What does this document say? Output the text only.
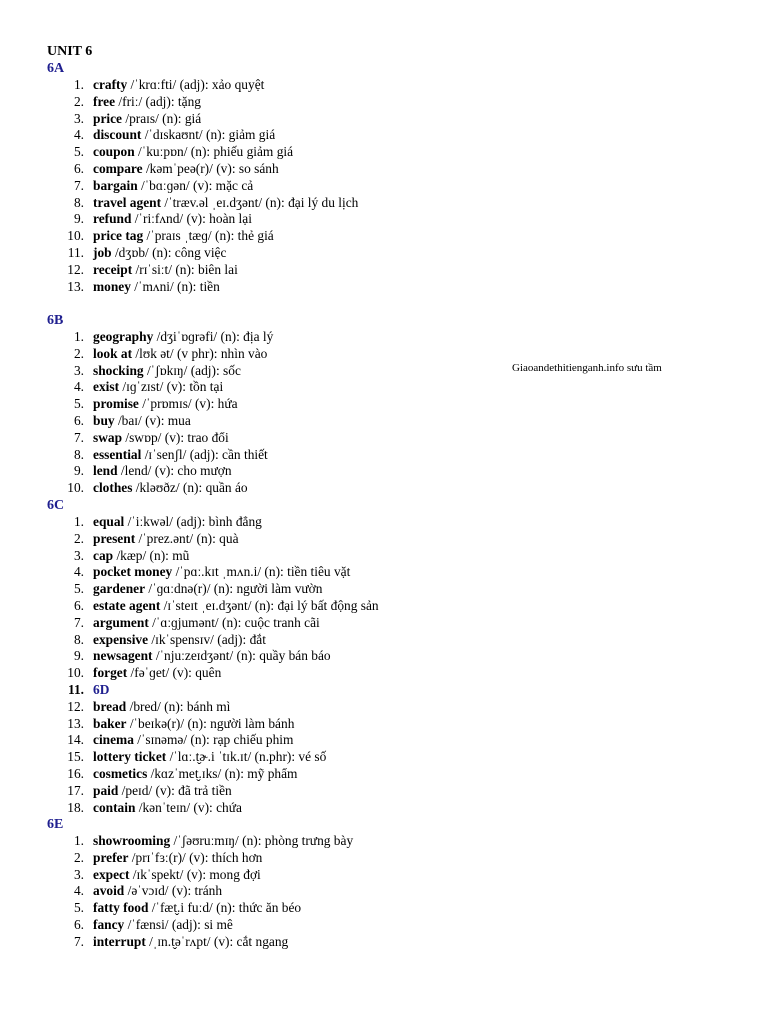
UNIT 6
Giaoandethitienganh.info sưu tầm
6A
1. crafty /ˈkrɑːfti/ (adj): xảo quyệt
2. free /friː/ (adj): tặng
3. price /praɪs/ (n): giá
4. discount /ˈdɪskaʊnt/ (n): giảm giá
5. coupon /ˈkuːpɒn/ (n): phiếu giảm giá
6. compare /kəmˈpeə(r)/ (v): so sánh
7. bargain /ˈbɑːɡən/ (v): mặc cả
8. travel agent /ˈtræv.əl ˌeɪ.dʒənt/ (n): đại lý du lịch
9. refund /ˈriːfʌnd/ (v): hoàn lại
10. price tag /ˈpraɪs ˌtæɡ/ (n): thẻ giá
11. job /dʒɒb/ (n): công việc
12. receipt /rɪˈsiːt/ (n): biên lai
13. money /ˈmʌni/ (n): tiền
6B
1. geography /dʒiˈɒɡrəfi/ (n): địa lý
2. look at /lʊk ət/ (v phr): nhìn vào
3. shocking /ˈʃɒkɪŋ/ (adj): sốc
4. exist /ɪɡˈzɪst/ (v): tồn tại
5. promise /ˈprɒmɪs/ (v): hứa
6. buy /baɪ/ (v): mua
7. swap /swɒp/ (v): trao đổi
8. essential /ɪˈsenʃl/ (adj): cần thiết
9. lend /lend/ (v): cho mượn
10. clothes /kləʊðz/ (n): quần áo
6C
1. equal /ˈiːkwəl/ (adj): bình đẳng
2. present /ˈprez.ənt/ (n): quà
3. cap /kæp/ (n): mũ
4. pocket money /ˈpɑː.kɪt ˌmʌn.i/ (n): tiền tiêu vặt
5. gardener /ˈɡɑːdnə(r)/ (n): người làm vườn
6. estate agent /ɪˈsteɪt ˌeɪ.dʒənt/ (n): đại lý bất động sản
7. argument /ˈɑːɡjumənt/ (n): cuộc tranh cãi
8. expensive /ɪkˈspensɪv/ (adj): đắt
9. newsagent /ˈnjuːzeɪdʒənt/ (n): quầy bán báo
10. forget /fəˈɡet/ (v): quên
11. 6D
12. bread /bred/ (n): bánh mì
13. baker /ˈbeɪkə(r)/ (n): người làm bánh
14. cinema /ˈsɪnəmə/ (n): rạp chiếu phim
15. lottery ticket /ˈlɑː.t̬ɚ.i ˈtɪk.ɪt/ (n.phr): vé số
16. cosmetics /kɑzˈmet̬.ɪks/ (n): mỹ phẩm
17. paid /peɪd/ (v): đã trả tiền
18. contain /kənˈteɪn/ (v): chứa
6E
1. showrooming /ˈʃəʊruːmɪŋ/ (n): phòng trưng bày
2. prefer /prɪˈfɜː(r)/ (v): thích hơn
3. expect /ɪkˈspekt/ (v): mong đợi
4. avoid /əˈvɔɪd/ (v): tránh
5. fatty food /ˈfæt̬.i fuːd/ (n): thức ăn béo
6. fancy /ˈfænsi/ (adj): si mê
7. interrupt /ˌɪn.t̬əˈrʌpt/ (v): cắt ngang
